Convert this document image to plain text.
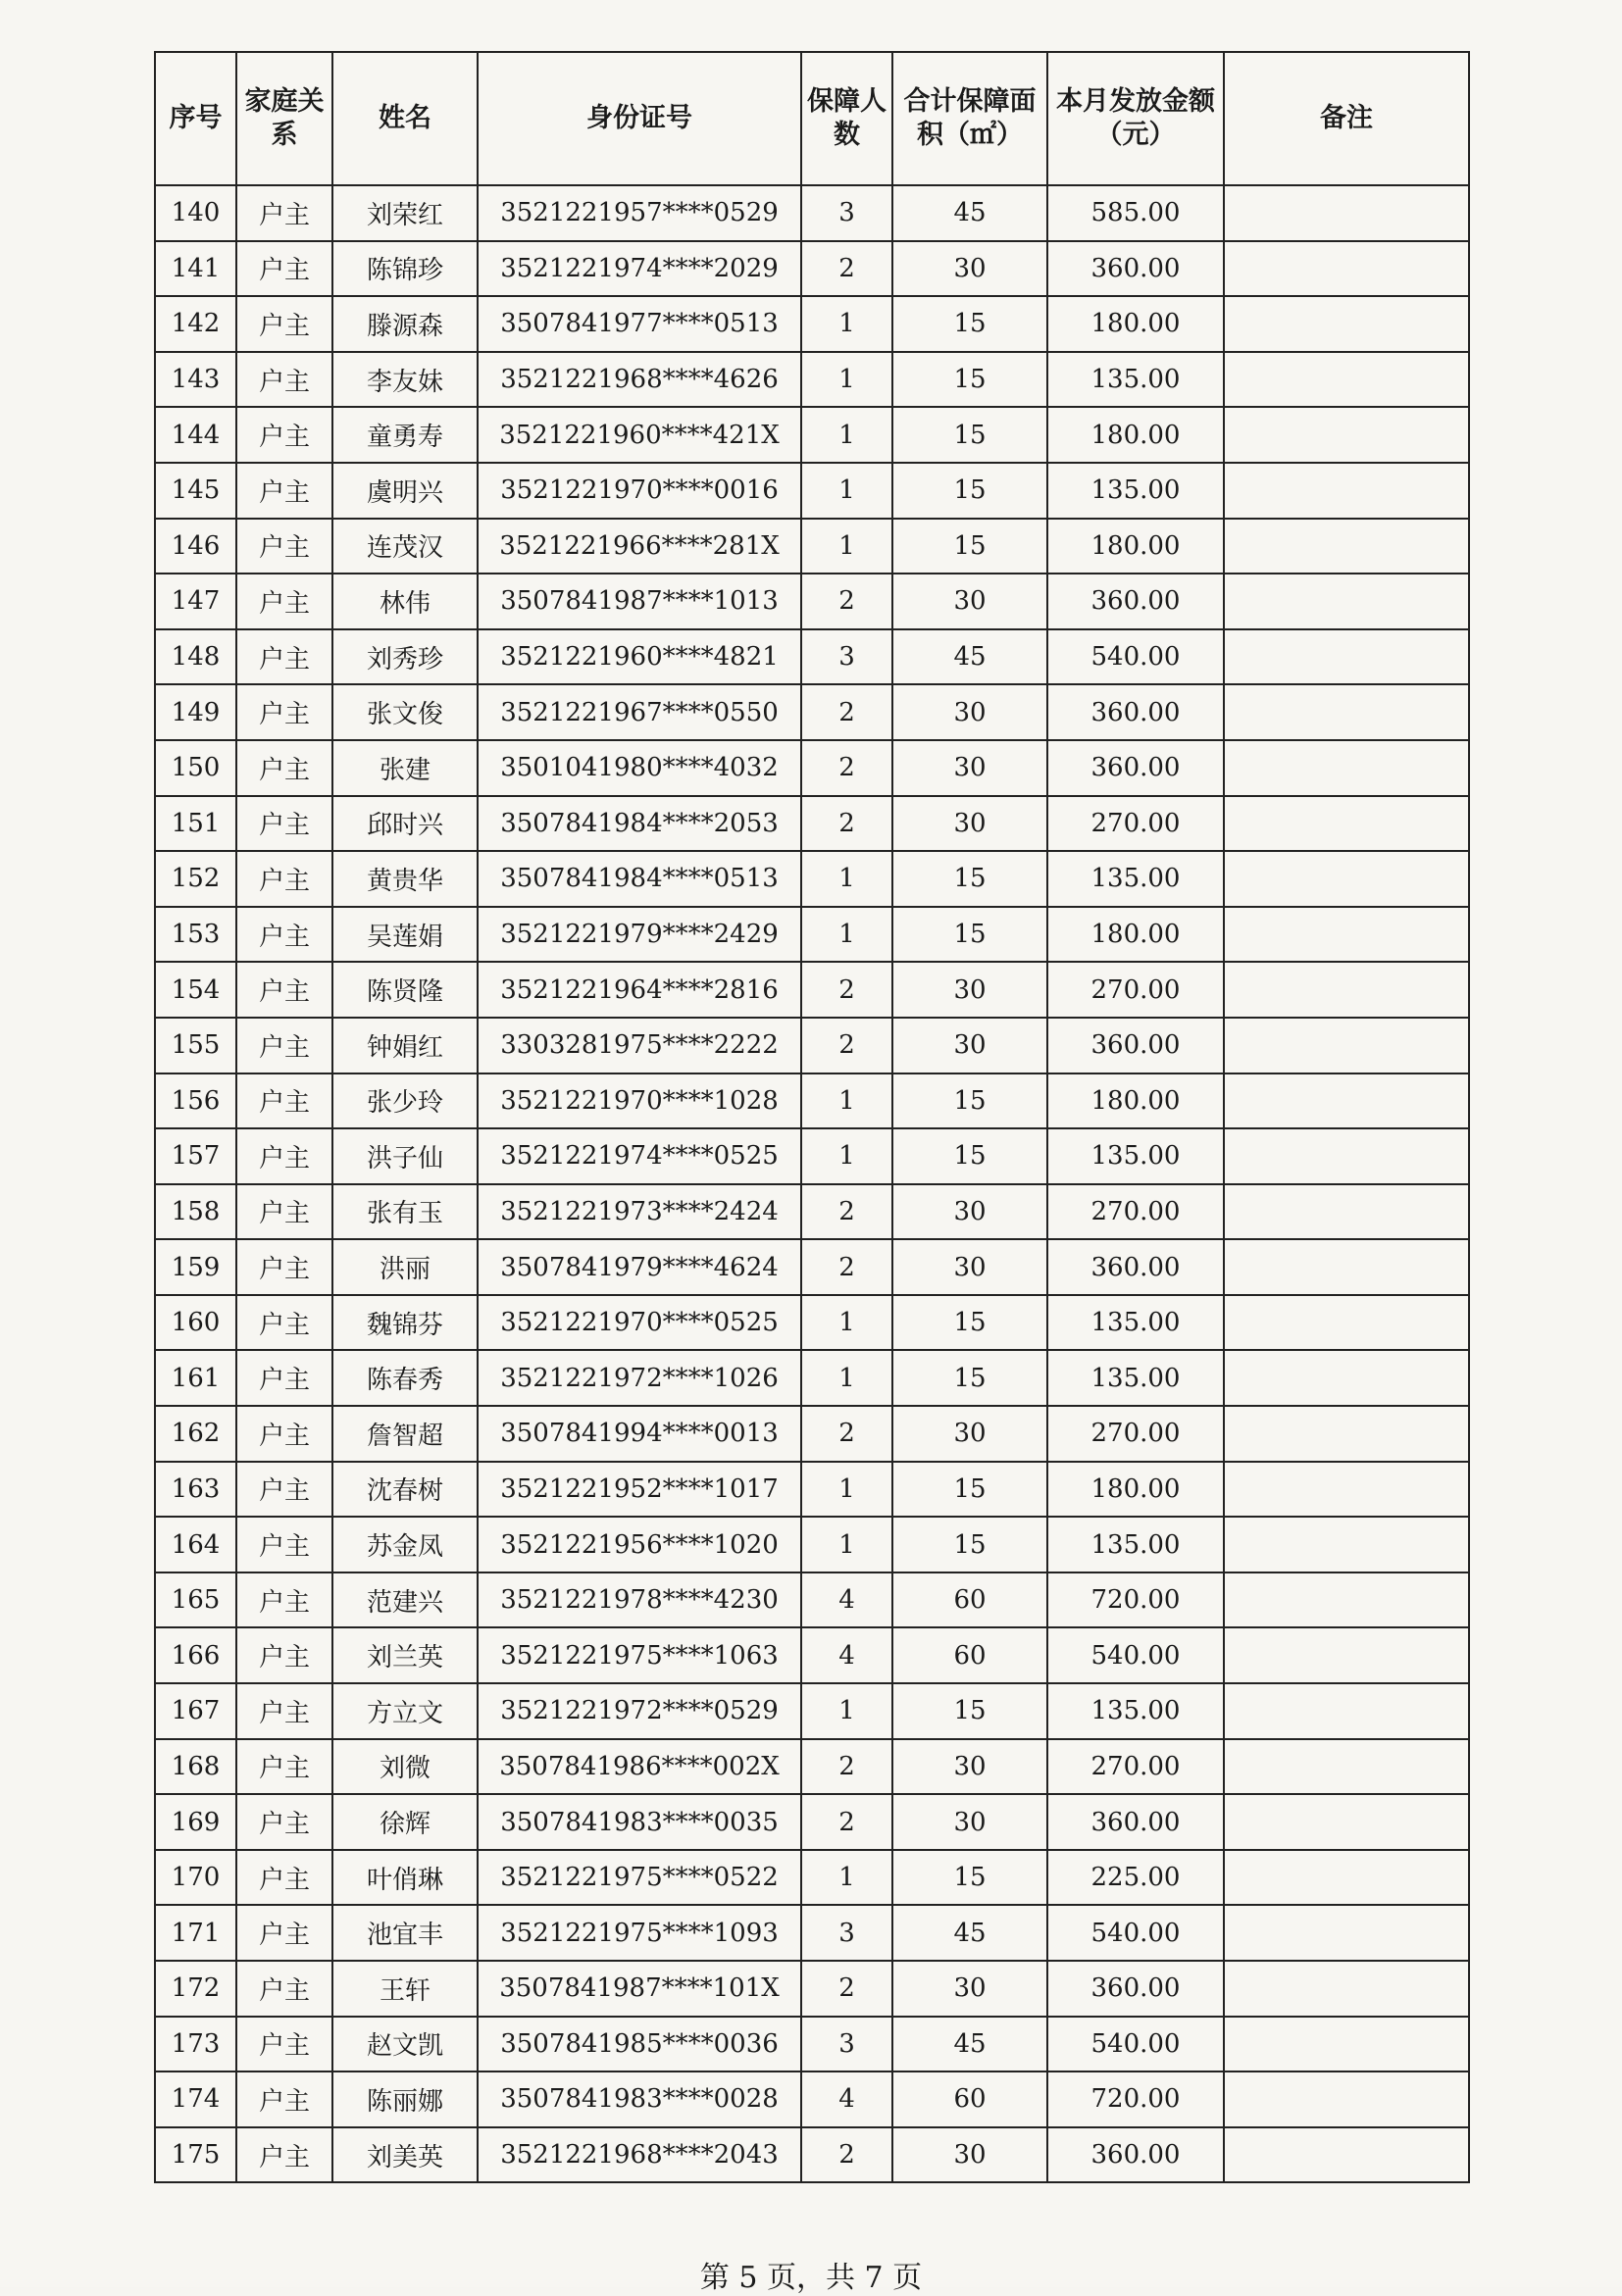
序号	家庭关系	姓名	身份证号	保障人数	合计保障面积（㎡）	本月发放金额（元）	备注
140	户主	刘荣红	3521221957****0529	3	45	585.00	
141	户主	陈锦珍	3521221974****2029	2	30	360.00	
142	户主	滕源森	3507841977****0513	1	15	180.00	
143	户主	李友妹	3521221968****4626	1	15	135.00	
144	户主	童勇寿	3521221960****421X	1	15	180.00	
145	户主	虞明兴	3521221970****0016	1	15	135.00	
146	户主	连茂汉	3521221966****281X	1	15	180.00	
147	户主	林伟	3507841987****1013	2	30	360.00	
148	户主	刘秀珍	3521221960****4821	3	45	540.00	
149	户主	张文俊	3521221967****0550	2	30	360.00	
150	户主	张建	3501041980****4032	2	30	360.00	
151	户主	邱时兴	3507841984****2053	2	30	270.00	
152	户主	黄贵华	3507841984****0513	1	15	135.00	
153	户主	吴莲娟	3521221979****2429	1	15	180.00	
154	户主	陈贤隆	3521221964****2816	2	30	270.00	
155	户主	钟娟红	3303281975****2222	2	30	360.00	
156	户主	张少玲	3521221970****1028	1	15	180.00	
157	户主	洪子仙	3521221974****0525	1	15	135.00	
158	户主	张有玉	3521221973****2424	2	30	270.00	
159	户主	洪丽	3507841979****4624	2	30	360.00	
160	户主	魏锦芬	3521221970****0525	1	15	135.00	
161	户主	陈春秀	3521221972****1026	1	15	135.00	
162	户主	詹智超	3507841994****0013	2	30	270.00	
163	户主	沈春树	3521221952****1017	1	15	180.00	
164	户主	苏金凤	3521221956****1020	1	15	135.00	
165	户主	范建兴	3521221978****4230	4	60	720.00	
166	户主	刘兰英	3521221975****1063	4	60	540.00	
167	户主	方立文	3521221972****0529	1	15	135.00	
168	户主	刘微	3507841986****002X	2	30	270.00	
169	户主	徐辉	3507841983****0035	2	30	360.00	
170	户主	叶俏琳	3521221975****0522	1	15	225.00	
171	户主	池宜丰	3521221975****1093	3	45	540.00	
172	户主	王轩	3507841987****101X	2	30	360.00	
173	户主	赵文凯	3507841985****0036	3	45	540.00	
174	户主	陈丽娜	3507841983****0028	4	60	720.00	
175	户主	刘美英	3521221968****2043	2	30	360.00	
第 5 页，共 7 页
